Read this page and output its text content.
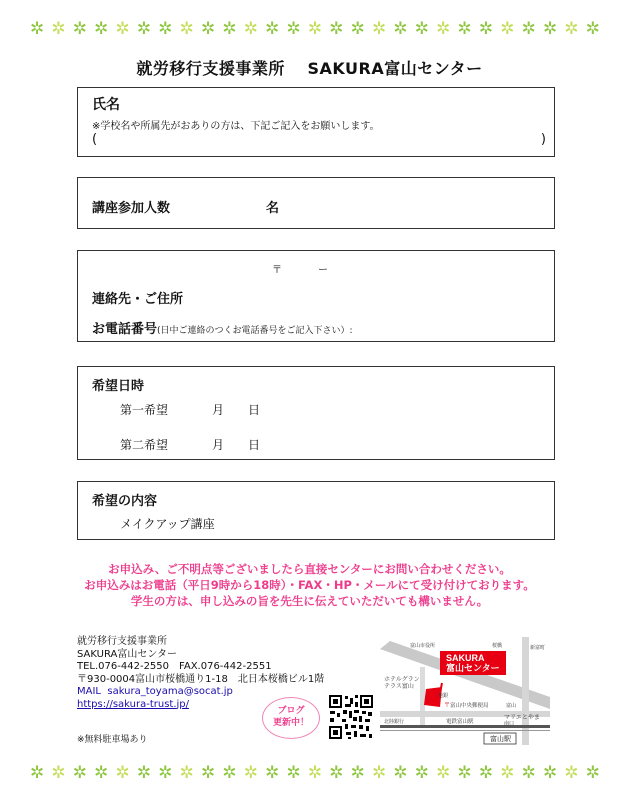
✲ ✲ ✲ ✲ ✲ ✲ ✲ ✲ ✲ ✲ ✲ ✲ ✲ ✲ ✲ ✲ ✲ ✲ ✲ ✲ ✲ ✲ ✲ ✲ ✲ ✲ ✲
就労移行支援事業所　 SAKURA富山センター
氏名
※学校名や所属先がおありの方は、下記ご記入をお願いします。
(	)
講座参加人数	名
〒	ー
連絡先・ご住所
お電話番号(日中ご連絡のつくお電話番号をご記入下さい）:
希望日時
第一希望	月 日
第二希望	月 日
希望の内容
メイクアップ講座
お申込み、ご不明点等ございましたら直接センターにお問い合わせください。
お申込みはお電話（平日9時から18時）・FAX・HP・メールにて受け付けております。
学生の方は、申し込みの旨を先生に伝えていただいても構いません。
就労移行支援事業所
SAKURA富山センター
TEL.076-442-2550　FAX.076-442-2551
〒930-0004富山市桜橋通り1-18　北日本桜橋ビル1階
MAIL sakura_toyama@socat.jp
https://sakura-trust.jp/
※無料駐車場あり
ブログ
更新中！
SAKURA
富山センター
ホテルグラン
テラス富山
地銀
富山中央郵便局
〒	富山
富山市役所	新富町
桜橋
電鉄富山駅
マリエとやま
南口
富山駅
北陸銀行
✲ ✲ ✲ ✲ ✲ ✲ ✲ ✲ ✲ ✲ ✲ ✲ ✲ ✲ ✲ ✲ ✲ ✲ ✲ ✲ ✲ ✲ ✲ ✲ ✲ ✲ ✲
